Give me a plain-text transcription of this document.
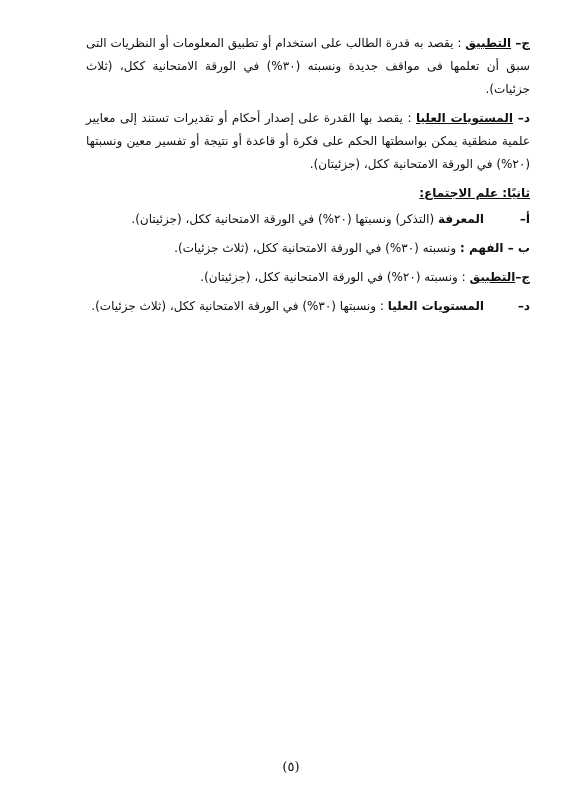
ج– التطبيق : يقصد به قدرة الطالب على استخدام أو تطبيق المعلومات أو النظريات التى سبق أن تعلمها فى مواقف جديدة ونسبته (٣٠%) في الورقة الامتحانية ككل، (ثلاث جزئيات).

د– المستويات العليا : يقصد بها القدرة على إصدار أحكام أو تقديرات تستند إلى معايير علمية منطقية يمكن بواسطتها الحكم على فكرة أو قاعدة أو نتيجة أو تفسير معين ونسبتها (٢٠%) في الورقة الامتحانية ككل، (جزئيتان).

ثانيًا: علم الاجتماع:

أ–
المعرفة (التذكر) ونسبتها (٢٠%) في الورقة الامتحانية ككل، (جزئيتان).

ب – الفهم : ونسبته (٣٠%) في الورقة الامتحانية ككل، (ثلاث جزئيات).

ج–التطبيق : ونسبته (٢٠%) في الورقة الامتحانية ككل، (جزئيتان).

د–
المستويات العليا : ونسبتها (٣٠%) في الورقة الامتحانية ككل، (ثلاث جزئيات).

(٥)
